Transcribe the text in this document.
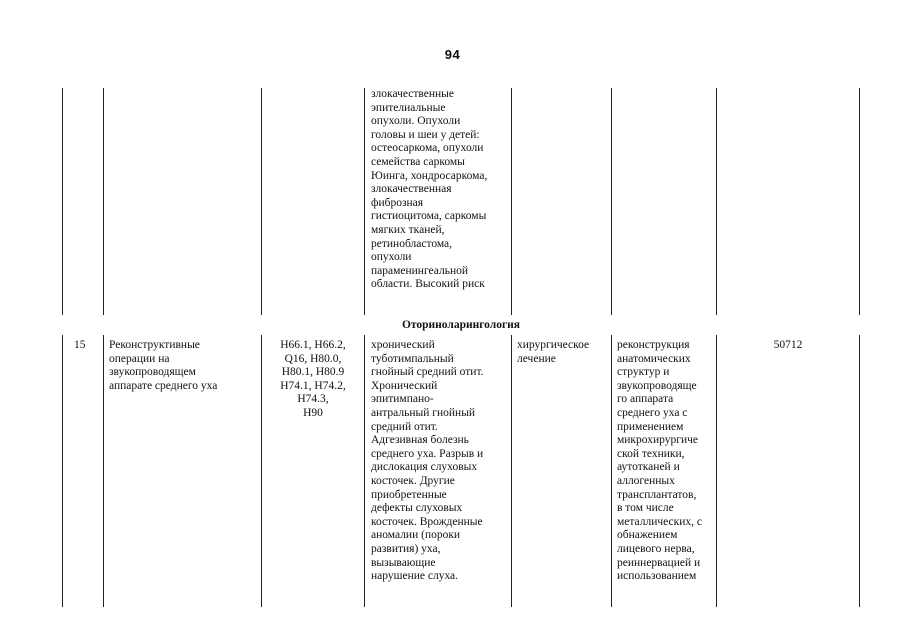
94
злокачественные
эпителиальные
опухоли. Опухоли
головы и шеи у детей:
остеосаркома, опухоли
семейства саркомы
Юинга, хондросаркома,
злокачественная
фиброзная
гистиоцитома, саркомы
мягких тканей,
ретинобластома,
опухоли
параменингеальной
области. Высокий риск
Оториноларингология
15	Реконструктивные
операции на
звукопроводящем
аппарате среднего уха
H66.1, H66.2,
Q16, H80.0,
H80.1, H80.9
H74.1, H74.2,
H74.3,
H90
хронический
туботимпальный
гнойный средний отит.
Хронический
эпитимпано-
антральный гнойный
средний отит.
Адгезивная болезнь
среднего уха. Разрыв и
дислокация слуховых
косточек. Другие
приобретенные
дефекты слуховых
косточек. Врожденные
аномалии (пороки
развития) уха,
вызывающие
нарушение слуха.
хирургическое
лечение
реконструкция
анатомических
структур и
звукопроводяще
го аппарата
среднего уха с
применением
микрохирургиче
ской техники,
аутотканей и
аллогенных
трансплантатов,
в том числе
металлических, с
обнажением
лицевого нерва,
реиннервацией и
использованием
50712
